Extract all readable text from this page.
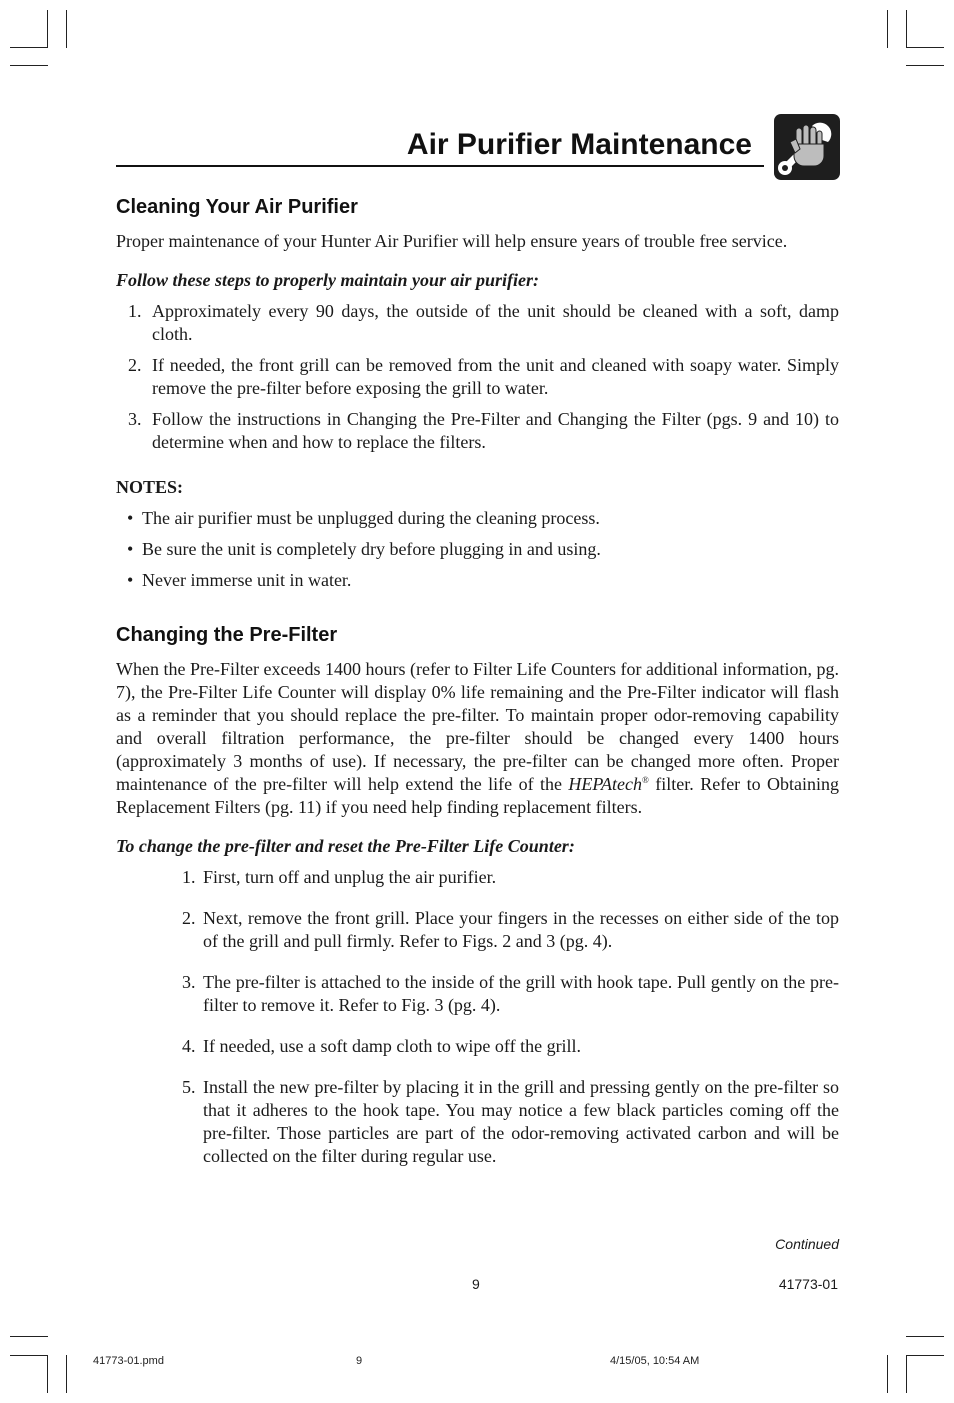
Air Purifier Maintenance
Cleaning Your Air Purifier

Proper maintenance of your Hunter Air Purifier will help ensure years of trouble free service.

Follow these steps to properly maintain your air purifier:

1. Approximately every 90 days, the outside of the unit should be cleaned with a soft, damp cloth.
2. If needed, the front grill can be removed from the unit and cleaned with soapy water. Simply remove the pre-filter before exposing the grill to water.
3. Follow the instructions in Changing the Pre-Filter and Changing the Filter (pgs. 9 and 10) to determine when and how to replace the filters.

NOTES:

• The air purifier must be unplugged during the cleaning process.
• Be sure the unit is completely dry before plugging in and using.
• Never immerse unit in water.
Changing the Pre-Filter

When the Pre-Filter exceeds 1400 hours (refer to Filter Life Counters for additional information, pg. 7), the Pre-Filter Life Counter will display 0% life remaining and the Pre-Filter indicator will flash as a reminder that you should replace the pre-filter. To maintain proper odor-removing capability and overall filtration performance, the pre-filter should be changed every 1400 hours (approximately 3 months of use). If necessary, the pre-filter can be changed more often. Proper maintenance of the pre-filter will help extend the life of the HEPAtech® filter. Refer to Obtaining Replacement Filters (pg. 11) if you need help finding replacement filters.

To change the pre-filter and reset the Pre-Filter Life Counter:

1. First, turn off and unplug the air purifier.
2. Next, remove the front grill. Place your fingers in the recesses on either side of the top of the grill and pull firmly. Refer to Figs. 2 and 3 (pg. 4).
3. The pre-filter is attached to the inside of the grill with hook tape. Pull gently on the pre-filter to remove it. Refer to Fig. 3 (pg. 4).
4. If needed, use a soft damp cloth to wipe off the grill.
5. Install the new pre-filter by placing it in the grill and pressing gently on the pre-filter so that it adheres to the hook tape. You may notice a few black particles coming off the pre-filter. Those particles are part of the odor-removing activated carbon and will be collected on the filter during regular use.
Continued
9	41773-01
41773-01.pmd	9	4/15/05, 10:54 AM
